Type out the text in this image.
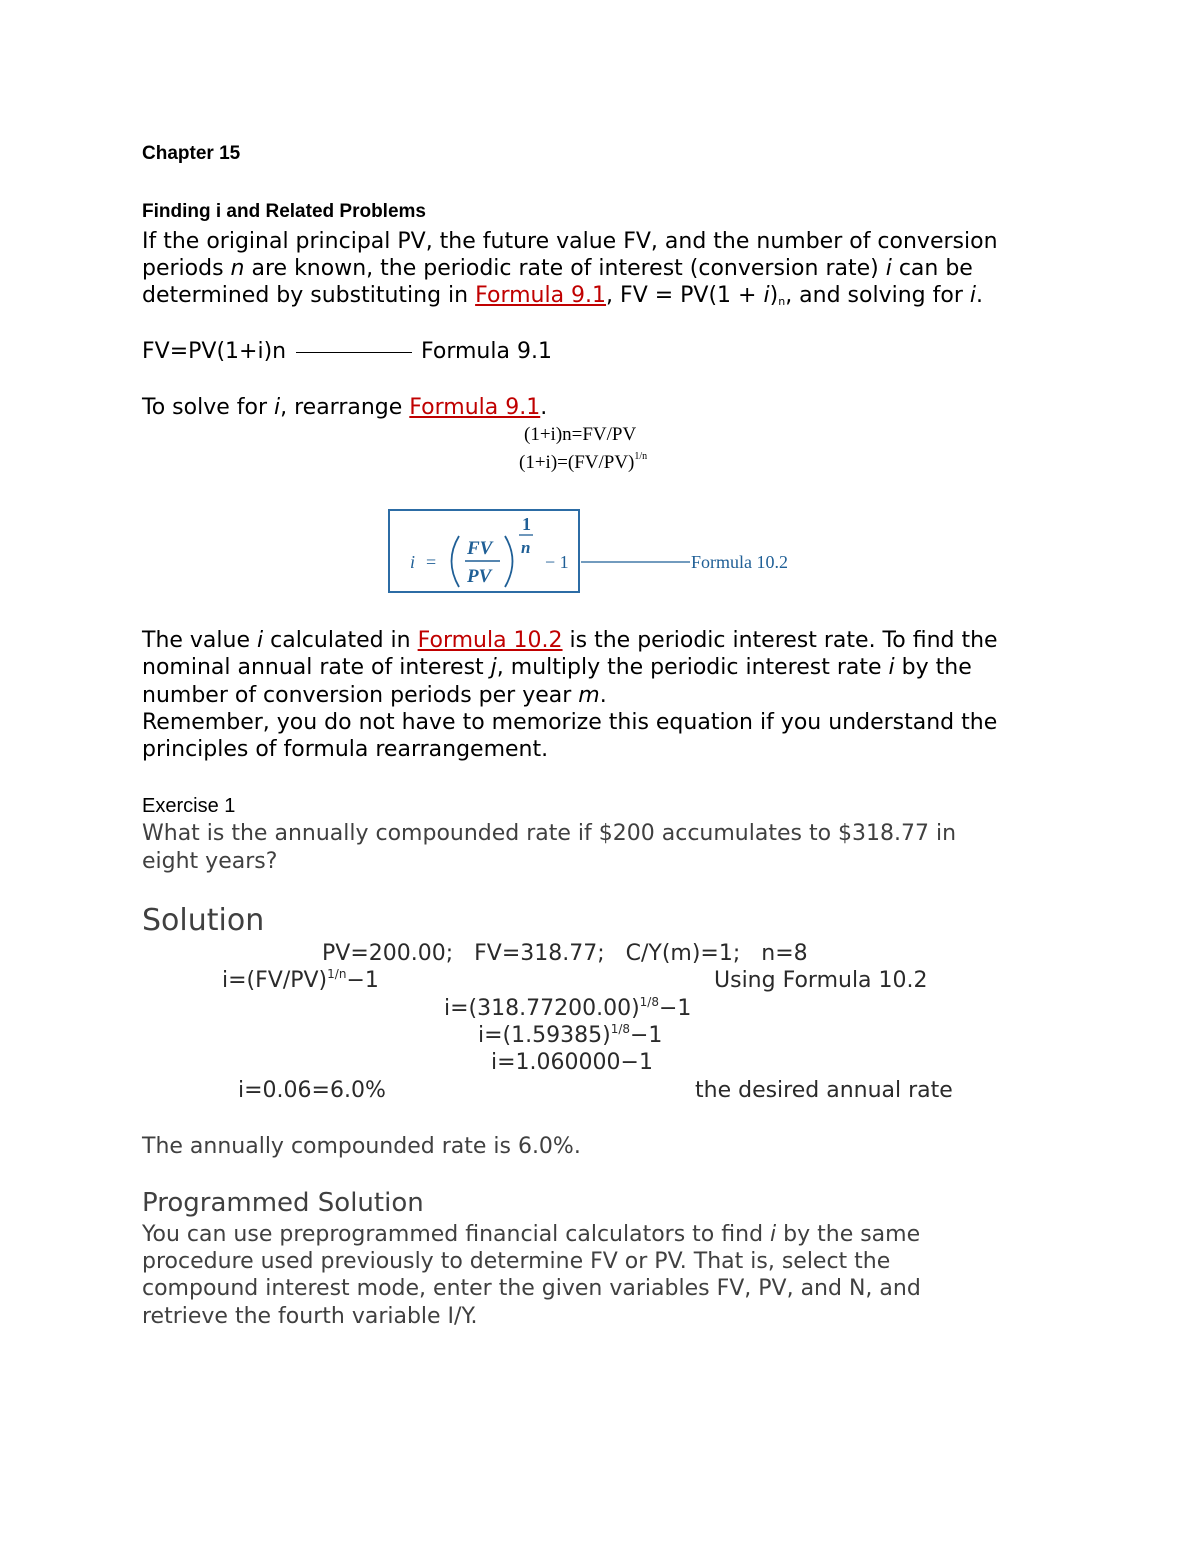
Chapter 15
Finding i and Related Problems
If the original principal PV, the future value FV, and the number of conversion
periods n are known, the periodic rate of interest (conversion rate) i can be
determined by substituting in Formula 9.1, FV = $PV(1 + i)_n$, and solving for i.
FV=PV(1+i)n	Formula 9.1
To solve for i, rearrange Formula 9.1.
(1+i)n=FV/PV
$(1+i)=(FV/PV)^{1/n}$
i =
FV
PV
1
n
− 1	Formula 10.2
The value i calculated in Formula 10.2 is the periodic interest rate. To find the
nominal annual rate of interest j, multiply the periodic interest rate i by the
number of conversion periods per year m.
Remember, you do not have to memorize this equation if you understand the
principles of formula rearrangement.
Exercise 1
What is the annually compounded rate if $200 accumulates to $318.77 in
eight years?
Solution
PV=200.00;   FV=318.77;   C/Y(m)=1;   n=8
$i=(FV/PV)^{1/n}-1$	Using Formula 10.2
$i=(318.77200.00)^{1/8}-1$
$i=(1.59385)^{1/8}-1$
i=1.060000−1
i=0.06=6.0%	the desired annual rate
The annually compounded rate is 6.0%.
Programmed Solution
You can use preprogrammed financial calculators to find i by the same
procedure used previously to determine FV or PV. That is, select the
compound interest mode, enter the given variables FV, PV, and N, and
retrieve the fourth variable I/Y.
